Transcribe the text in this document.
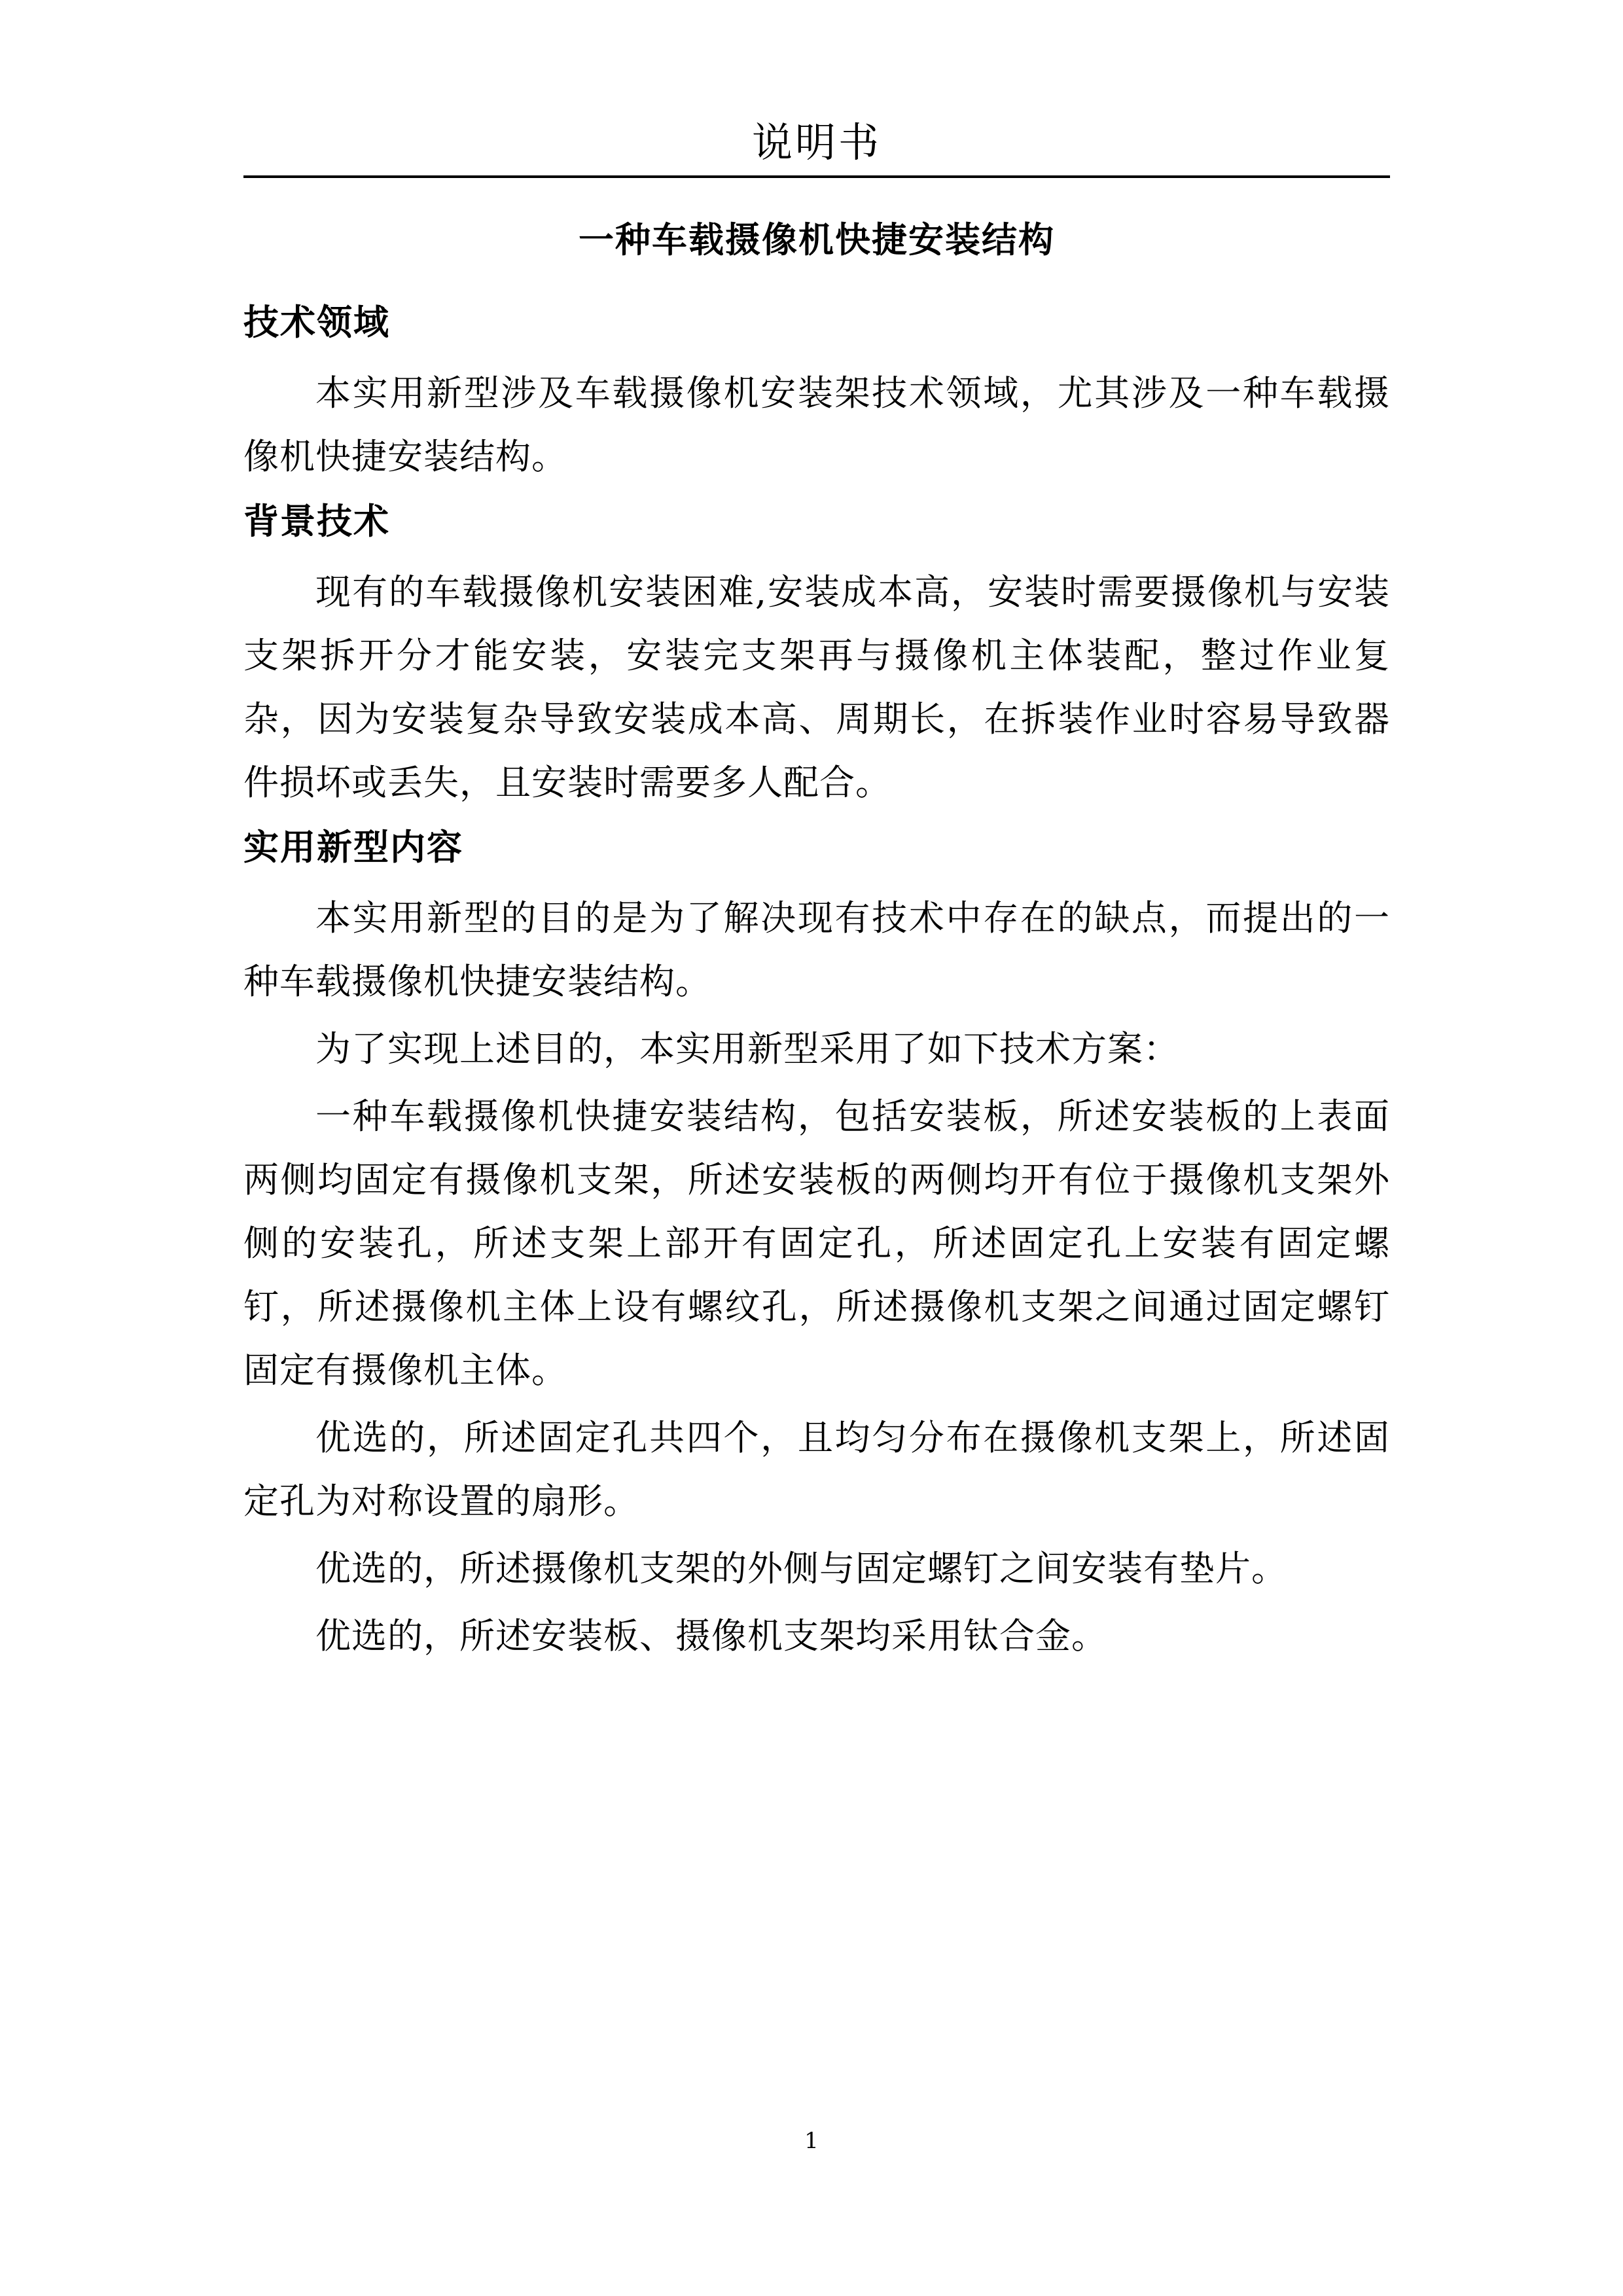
说明书
一种车载摄像机快捷安装结构
技术领域

本实用新型涉及车载摄像机安装架技术领域，尤其涉及一种车载摄像机快捷安装结构。

背景技术

现有的车载摄像机安装困难,安装成本高，安装时需要摄像机与安装支架拆开分才能安装，安装完支架再与摄像机主体装配，整过作业复杂，因为安装复杂导致安装成本高、周期长，在拆装作业时容易导致器件损坏或丢失，且安装时需要多人配合。

实用新型内容

本实用新型的目的是为了解决现有技术中存在的缺点，而提出的一种车载摄像机快捷安装结构。

为了实现上述目的，本实用新型采用了如下技术方案：

一种车载摄像机快捷安装结构，包括安装板，所述安装板的上表面两侧均固定有摄像机支架，所述安装板的两侧均开有位于摄像机支架外侧的安装孔，所述支架上部开有固定孔，所述固定孔上安装有固定螺钉，所述摄像机主体上设有螺纹孔，所述摄像机支架之间通过固定螺钉固定有摄像机主体。

优选的，所述固定孔共四个，且均匀分布在摄像机支架上，所述固定孔为对称设置的扇形。

优选的，所述摄像机支架的外侧与固定螺钉之间安装有垫片。

优选的，所述安装板、摄像机支架均采用钛合金。

1
